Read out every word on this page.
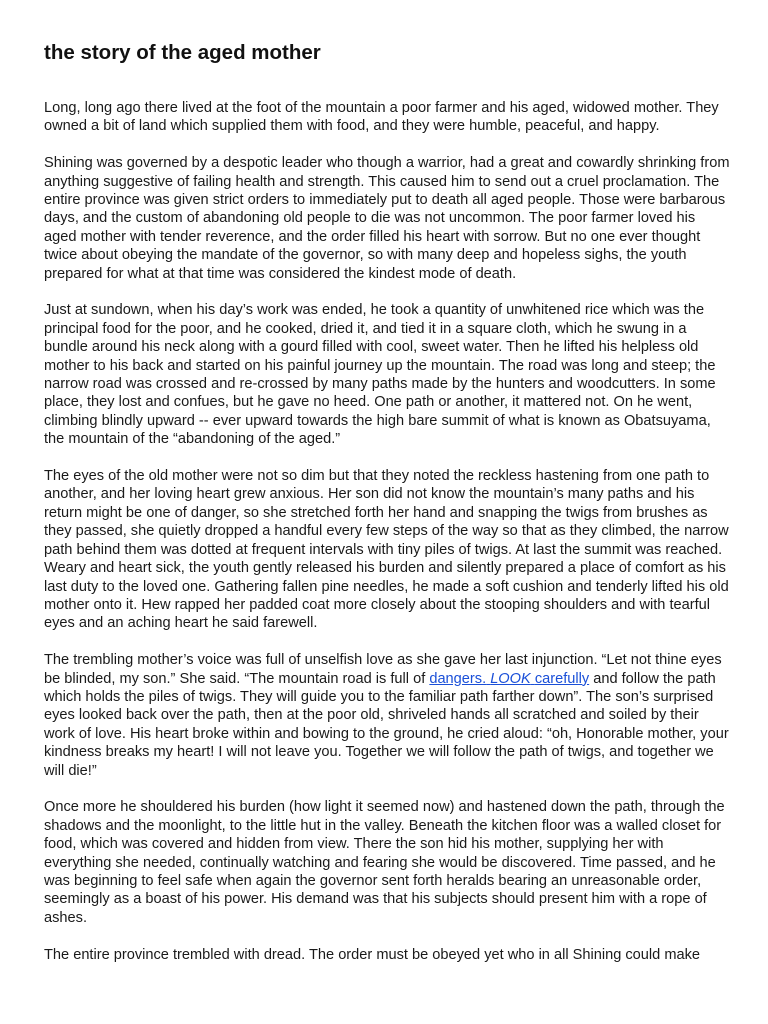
the story of the aged mother

Long, long ago there lived at the foot of the mountain a poor farmer and his aged, widowed mother. They owned a bit of land which supplied them with food, and they were humble, peaceful, and happy.

Shining was governed by a despotic leader who though a warrior, had a great and cowardly shrinking from anything suggestive of failing health and strength. This caused him to send out a cruel proclamation. The entire province was given strict orders to immediately put to death all aged people. Those were barbarous days, and the custom of abandoning old people to die was not uncommon. The poor farmer loved his aged mother with tender reverence, and the order filled his heart with sorrow. But no one ever thought twice about obeying the mandate of the governor, so with many deep and hopeless sighs, the youth prepared for what at that time was considered the kindest mode of death.

Just at sundown, when his day’s work was ended, he took a quantity of unwhitened rice which was the principal food for the poor, and he cooked, dried it, and tied it in a square cloth, which he swung in a bundle around his neck along with a gourd filled with cool, sweet water. Then he lifted his helpless old mother to his back and started on his painful journey up the mountain. The road was long and steep; the narrow road was crossed and re-crossed by many paths made by the hunters and woodcutters. In some place, they lost and confues, but he gave no heed. One path or another, it mattered not. On he went, climbing blindly upward -- ever upward towards the high bare summit of what is known as Obatsuyama, the mountain of the “abandoning of the aged.”

The eyes of the old mother were not so dim but that they noted the reckless hastening from one path to another, and her loving heart grew anxious. Her son did not know the mountain’s many paths and his return might be one of danger, so she stretched forth her hand and snapping the twigs from brushes as they passed, she quietly dropped a handful every few steps of the way so that as they climbed, the narrow path behind them was dotted at frequent intervals with tiny piles of twigs. At last the summit was reached. Weary and heart sick, the youth gently released his burden and silently prepared a place of comfort as his last duty to the loved one. Gathering fallen pine needles, he made a soft cushion and tenderly lifted his old mother onto it. Hew rapped her padded coat more closely about the stooping shoulders and with tearful eyes and an aching heart he said farewell.

The trembling mother’s voice was full of unselfish love as she gave her last injunction. “Let not thine eyes be blinded, my son.” She said. “The mountain road is full of dangers. LOOK carefully and follow the path which holds the piles of twigs. They will guide you to the familiar path farther down”. The son’s surprised eyes looked back over the path, then at the poor old, shriveled hands all scratched and soiled by their work of love. His heart broke within and bowing to the ground, he cried aloud: “oh, Honorable mother, your kindness breaks my heart! I will not leave you. Together we will follow the path of twigs, and together we will die!”

Once more he shouldered his burden (how light it seemed now) and hastened down the path, through the shadows and the moonlight, to the little hut in the valley. Beneath the kitchen floor was a walled closet for food, which was covered and hidden from view. There the son hid his mother, supplying her with everything she needed, continually watching and fearing she would be discovered. Time passed, and he was beginning to feel safe when again the governor sent forth heralds bearing an unreasonable order, seemingly as a boast of his power. His demand was that his subjects should present him with a rope of ashes.

The entire province trembled with dread. The order must be obeyed yet who in all Shining could make
